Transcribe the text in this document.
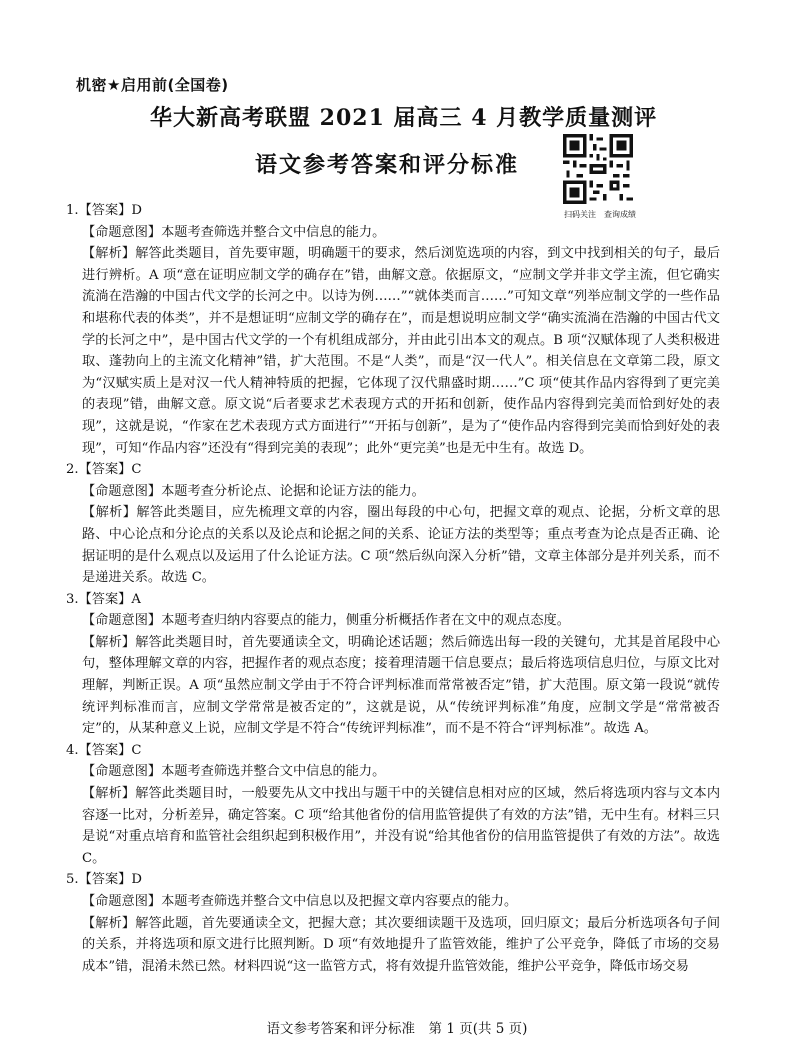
机密★启用前(全国卷)
华大新高考联盟 2021 届高三 4 月教学质量测评
语文参考答案和评分标准
扫码关注　查询成绩

1.【答案】D

【命题意图】本题考查筛选并整合文中信息的能力。

【解析】解答此类题目，首先要审题，明确题干的要求，然后浏览选项的内容，到文中找到相关的句子，最后进行辨析。A 项“意在证明应制文学的确存在”错，曲解文意。依据原文，“应制文学并非文学主流，但它确实流淌在浩瀚的中国古代文学的长河之中。以诗为例……”“就体类而言……”可知文章“列举应制文学的一些作品和堪称代表的体类”，并不是想证明“应制文学的确存在”，而是想说明应制文学“确实流淌在浩瀚的中国古代文学的长河之中”，是中国古代文学的一个有机组成部分，并由此引出本文的观点。B 项“汉赋体现了人类积极进取、蓬勃向上的主流文化精神”错，扩大范围。不是“人类”，而是“汉一代人”。相关信息在文章第二段，原文为“汉赋实质上是对汉一代人精神特质的把握，它体现了汉代鼎盛时期……”C 项“使其作品内容得到了更完美的表现”错，曲解文意。原文说“后者要求艺术表现方式的开拓和创新，使作品内容得到完美而恰到好处的表现”，这就是说，“作家在艺术表现方式方面进行”“开拓与创新”，是为了“使作品内容得到完美而恰到好处的表现”，可知“作品内容”还没有“得到完美的表现”；此外“更完美”也是无中生有。故选 D。

2.【答案】C

【命题意图】本题考查分析论点、论据和论证方法的能力。

【解析】解答此类题目，应先梳理文章的内容，圈出每段的中心句，把握文章的观点、论据，分析文章的思路、中心论点和分论点的关系以及论点和论据之间的关系、论证方法的类型等；重点考查为论点是否正确、论据证明的是什么观点以及运用了什么论证方法。C 项“然后纵向深入分析”错，文章主体部分是并列关系，而不是递进关系。故选 C。

3.【答案】A

【命题意图】本题考查归纳内容要点的能力，侧重分析概括作者在文中的观点态度。

【解析】解答此类题目时，首先要通读全文，明确论述话题；然后筛选出每一段的关键句，尤其是首尾段中心句，整体理解文章的内容，把握作者的观点态度；接着理清题干信息要点；最后将选项信息归位，与原文比对理解，判断正误。A 项“虽然应制文学由于不符合评判标准而常常被否定”错，扩大范围。原文第一段说“就传统评判标准而言，应制文学常常是被否定的”，这就是说，从“传统评判标准”角度，应制文学是“常常被否定”的，从某种意义上说，应制文学是不符合“传统评判标准”，而不是不符合“评判标准”。故选 A。

4.【答案】C

【命题意图】本题考查筛选并整合文中信息的能力。

【解析】解答此类题目时，一般要先从文中找出与题干中的关键信息相对应的区域，然后将选项内容与文本内容逐一比对，分析差异，确定答案。C 项“给其他省份的信用监管提供了有效的方法”错，无中生有。材料三只是说“对重点培育和监管社会组织起到积极作用”，并没有说“给其他省份的信用监管提供了有效的方法”。故选 C。

5.【答案】D

【命题意图】本题考查筛选并整合文中信息以及把握文章内容要点的能力。

【解析】解答此题，首先要通读全文，把握大意；其次要细读题干及选项，回归原文；最后分析选项各句子间的关系，并将选项和原文进行比照判断。D 项“有效地提升了监管效能，维护了公平竞争，降低了市场的交易成本”错，混淆未然已然。材料四说“这一监管方式，将有效提升监管效能，维护公平竞争，降低市场交易

语文参考答案和评分标准　第 1 页(共 5 页)
